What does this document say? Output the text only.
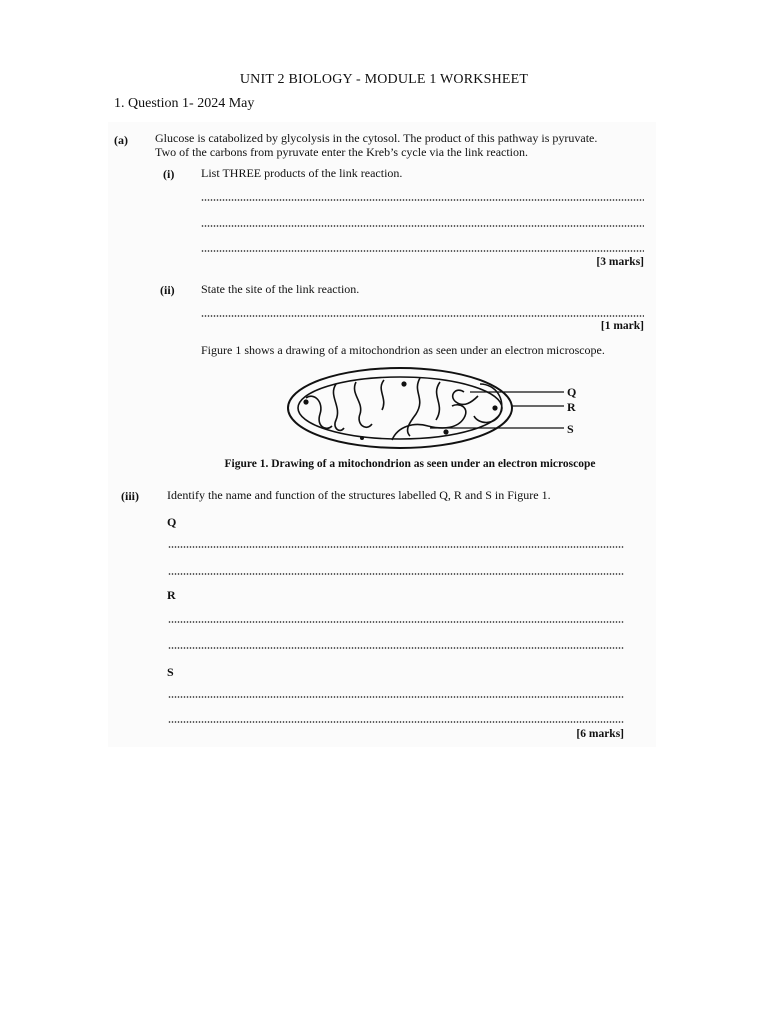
UNIT 2 BIOLOGY - MODULE 1 WORKSHEET
1. Question 1- 2024 May
(a) Glucose is catabolized by glycolysis in the cytosol. The product of this pathway is pyruvate.
Two of the carbons from pyruvate enter the Kreb’s cycle via the link reaction.
(i) List THREE products of the link reaction.
[3 marks]
(ii) State the site of the link reaction.
[1 mark]
Figure 1 shows a drawing of a mitochondrion as seen under an electron microscope.
Q
R
S
Figure 1. Drawing of a mitochondrion as seen under an electron microscope
(iii) Identify the name and function of the structures labelled Q, R and S in Figure 1.
Q
R
S
[6 marks]
